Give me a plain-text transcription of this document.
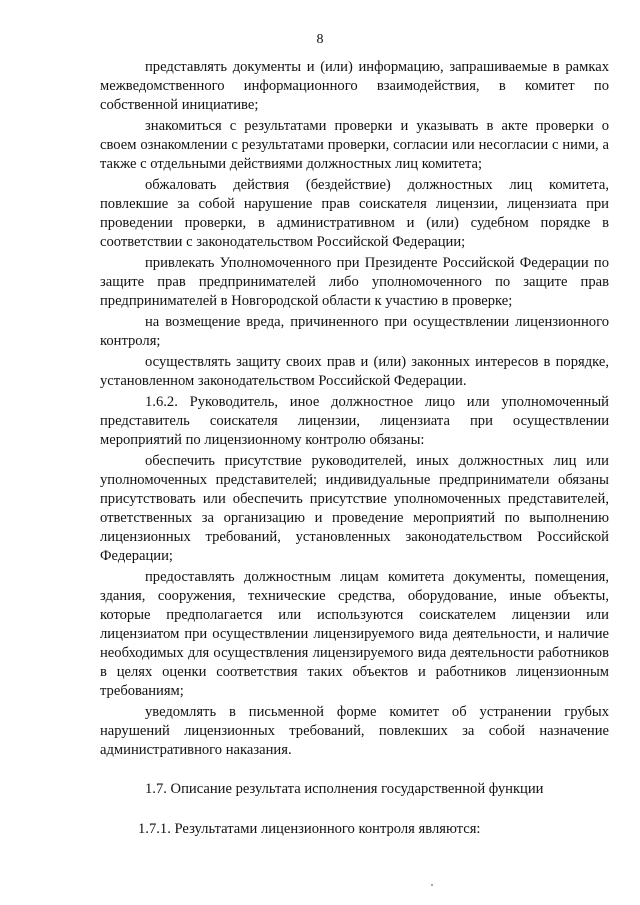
8

представлять документы и (или) информацию, запрашиваемые в рамках межведомственного информационного взаимодействия, в комитет по собственной инициативе;

знакомиться с результатами проверки и указывать в акте проверки о своем ознакомлении с результатами проверки, согласии или несогласии с ними, а также с отдельными действиями должностных лиц комитета;

обжаловать действия (бездействие) должностных лиц комитета, повлекшие за собой нарушение прав соискателя лицензии, лицензиата при проведении проверки, в административном и (или) судебном порядке в соответствии с законодательством Российской Федерации;

привлекать Уполномоченного при Президенте Российской Федерации по защите прав предпринимателей либо уполномоченного по защите прав предпринимателей в Новгородской области к участию в проверке;

на возмещение вреда, причиненного при осуществлении лицензионного контроля;

осуществлять защиту своих прав и (или) законных интересов в порядке, установленном законодательством Российской Федерации.

1.6.2. Руководитель, иное должностное лицо или уполномоченный представитель соискателя лицензии, лицензиата при осуществлении мероприятий по лицензионному контролю обязаны:

обеспечить присутствие руководителей, иных должностных лиц или уполномоченных представителей; индивидуальные предприниматели обязаны присутствовать или обеспечить присутствие уполномоченных представителей, ответственных за организацию и проведение мероприятий по выполнению лицензионных требований, установленных законодательством Российской Федерации;

предоставлять должностным лицам комитета документы, помещения, здания, сооружения, технические средства, оборудование, иные объекты, которые предполагается или используются соискателем лицензии или лицензиатом при осуществлении лицензируемого вида деятельности, и наличие необходимых для осуществления лицензируемого вида деятельности работников в целях оценки соответствия таких объектов и работников лицензионным требованиям;

уведомлять в письменной форме комитет об устранении грубых нарушений лицензионных требований, повлекших за собой назначение административного наказания.

1.7. Описание результата исполнения государственной функции

1.7.1. Результатами лицензионного контроля являются:
